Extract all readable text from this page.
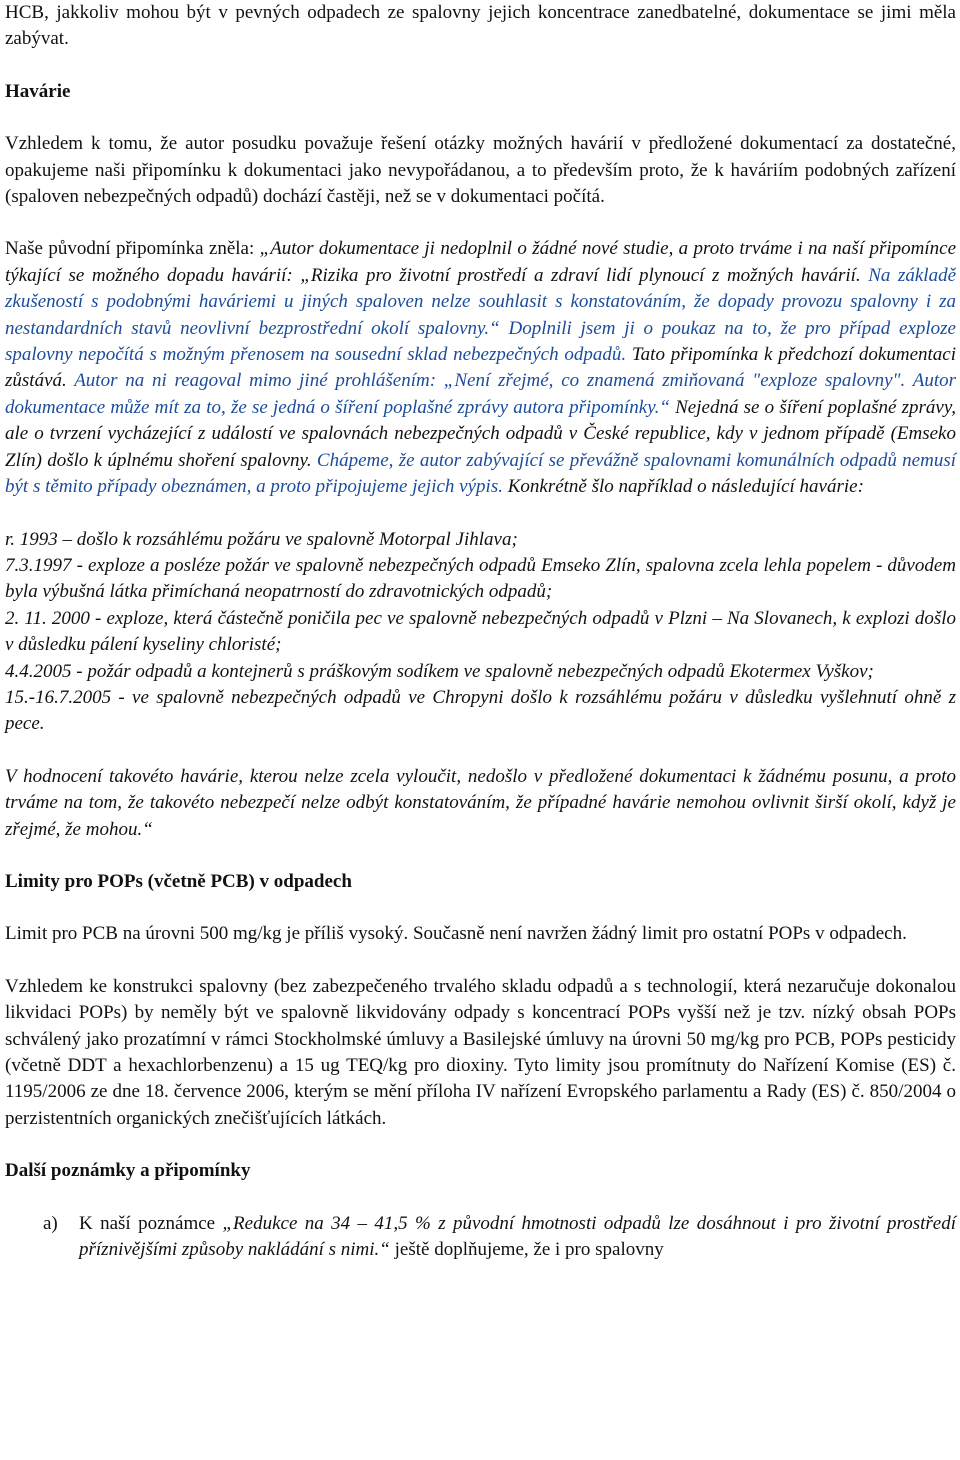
HCB, jakkoliv mohou být v pevných odpadech ze spalovny jejich koncentrace zanedbatelné, dokumentace se jimi měla zabývat.

Havárie

Vzhledem k tomu, že autor posudku považuje řešení otázky možných havárií v předložené dokumentací za dostatečné, opakujeme naši připomínku k dokumentaci jako nevypořádanou, a to především proto, že k haváriím podobných zařízení (spaloven nebezpečných odpadů) dochází častěji, než se v dokumentaci počítá.

Naše původní připomínka zněla: „Autor dokumentace ji nedoplnil o žádné nové studie, a proto trváme i na naší připomínce týkající se možného dopadu havárií: „Rizika pro životní prostředí a zdraví lidí plynoucí z možných havárií. Na základě zkušeností s podobnými haváriemi u jiných spaloven nelze souhlasit s konstatováním, že dopady provozu spalovny i za nestandardních stavů neovlivní bezprostřední okolí spalovny.“ Doplnili jsem ji o poukaz na to, že pro případ exploze spalovny nepočítá s možným přenosem na sousední sklad nebezpečných odpadů. Tato připomínka k předchozí dokumentaci zůstává. Autor na ni reagoval mimo jiné prohlášením: „Není zřejmé, co znamená zmiňovaná "exploze spalovny". Autor dokumentace může mít za to, že se jedná o šíření poplašné zprávy autora připomínky.“ Nejedná se o šíření poplašné zprávy, ale o tvrzení vycházející z událostí ve spalovnách nebezpečných odpadů v České republice, kdy v jednom případě (Emseko Zlín) došlo k úplnému shoření spalovny. Chápeme, že autor zabývající se převážně spalovnami komunálních odpadů nemusí být s těmito případy obeznámen, a proto připojujeme jejich výpis. Konkrétně šlo například o následující havárie:

r. 1993 – došlo k rozsáhlému požáru ve spalovně Motorpal Jihlava;

7.3.1997 - exploze a posléze požár ve spalovně nebezpečných odpadů Emseko Zlín, spalovna zcela lehla popelem - důvodem byla výbušná látka přimíchaná neopatrností do zdravotnických odpadů;

2. 11. 2000 - exploze, která částečně poničila pec ve spalovně nebezpečných odpadů v Plzni – Na Slovanech, k explozi došlo v důsledku pálení kyseliny chloristé;

4.4.2005 - požár odpadů a kontejnerů s práškovým sodíkem ve spalovně nebezpečných odpadů Ekotermex Vyškov;

15.-16.7.2005 - ve spalovně nebezpečných odpadů ve Chropyni došlo k rozsáhlému požáru v důsledku vyšlehnutí ohně z pece.

V hodnocení takovéto havárie, kterou nelze zcela vyloučit, nedošlo v předložené dokumentaci k žádnému posunu, a proto trváme na tom, že takovéto nebezpečí nelze odbýt konstatováním, že případné havárie nemohou ovlivnit širší okolí, když je zřejmé, že mohou.“

Limity pro POPs (včetně PCB) v odpadech

Limit pro PCB na úrovni 500 mg/kg je příliš vysoký. Současně není navržen žádný limit pro ostatní POPs v odpadech.

Vzhledem ke konstrukci spalovny (bez zabezpečeného trvalého skladu odpadů a s technologií, která nezaručuje dokonalou likvidaci POPs) by neměly být ve spalovně likvidovány odpady s koncentrací POPs vyšší než je tzv. nízký obsah POPs schválený jako prozatímní v rámci Stockholmské úmluvy a Basilejské úmluvy na úrovni 50 mg/kg pro PCB, POPs pesticidy (včetně DDT a hexachlorbenzenu) a 15 ug TEQ/kg pro dioxiny. Tyto limity jsou promítnuty do Nařízení Komise (ES) č. 1195/2006 ze dne 18. července 2006, kterým se mění příloha IV nařízení Evropského parlamentu a Rady (ES) č. 850/2004 o perzistentních organických znečišťujících látkách.

Další poznámky a připomínky
a)	K naší poznámce „Redukce na 34 – 41,5 % z původní hmotnosti odpadů lze dosáhnout i pro životní prostředí příznivějšími způsoby nakládání s nimi.“ ještě doplňujeme, že i pro spalovny
